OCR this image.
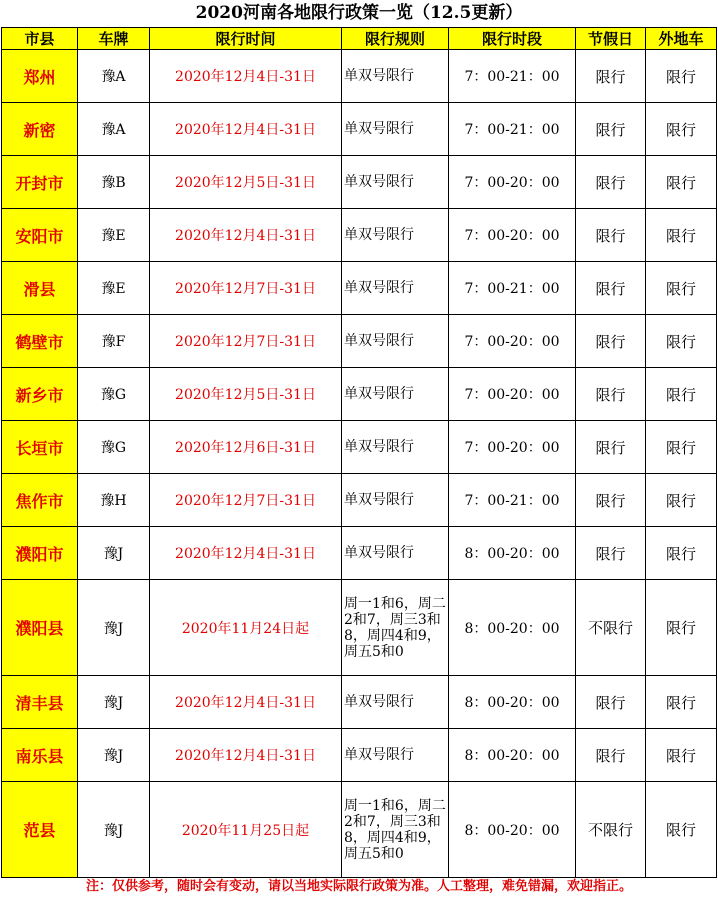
2020河南各地限行政策一览（12.5更新）
市县	车牌	限行时间	限行规则	限行时段	节假日	外地车
郑州	豫A	2020年12月4日-31日	单双号限行	7：00-21：00	限行	限行
新密	豫A	2020年12月4日-31日	单双号限行	7：00-21：00	限行	限行
开封市	豫B	2020年12月5日-31日	单双号限行	7：00-20：00	限行	限行
安阳市	豫E	2020年12月4日-31日	单双号限行	7：00-20：00	限行	限行
滑县	豫E	2020年12月7日-31日	单双号限行	7：00-21：00	限行	限行
鹤壁市	豫F	2020年12月7日-31日	单双号限行	7：00-20：00	限行	限行
新乡市	豫G	2020年12月5日-31日	单双号限行	7：00-20：00	限行	限行
长垣市	豫G	2020年12月6日-31日	单双号限行	7：00-20：00	限行	限行
焦作市	豫H	2020年12月7日-31日	单双号限行	7：00-21：00	限行	限行
濮阳市	豫J	2020年12月4日-31日	单双号限行	8：00-20：00	限行	限行
濮阳县	豫J	2020年11月24日起	周一1和6，周二2和7，周三3和8，周四4和9，周五5和0	8：00-20：00	不限行	限行
清丰县	豫J	2020年12月4日-31日	单双号限行	8：00-20：00	限行	限行
南乐县	豫J	2020年12月4日-31日	单双号限行	8：00-20：00	限行	限行
范县	豫J	2020年11月25日起	周一1和6，周二2和7，周三3和8，周四4和9，周五5和0	8：00-20：00	不限行	限行
注：仅供参考，随时会有变动，请以当地实际限行政策为准。人工整理，难免错漏，欢迎指正。
